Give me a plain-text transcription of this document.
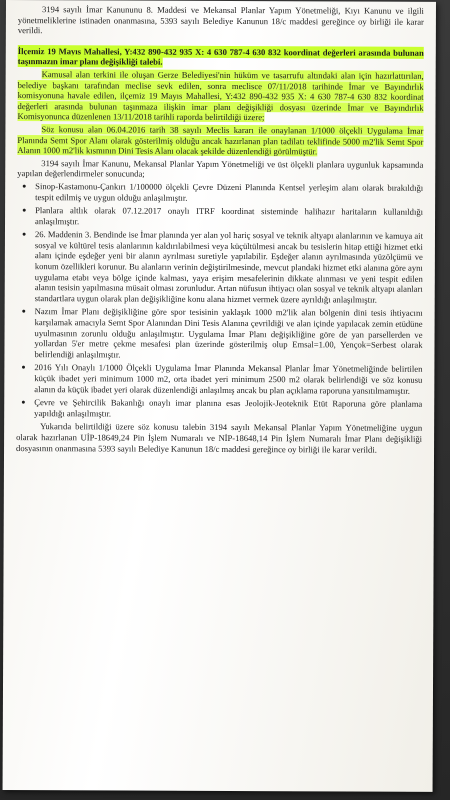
3194 sayılı İmar Kanununu 8. Maddesi ve Mekansal Planlar Yapım Yönetmeliği, Kıyı Kanunu ve ilgili yönetmeliklerine istinaden onanmasına, 5393 sayılı Belediye Kanunun 18/c maddesi gereğince oy birliği ile karar verildi.

İlçemiz 19 Mayıs Mahallesi, Y:432 890-432 935 X: 4 630 787-4 630 832 koordinat değerleri arasında bulunan taşınmazın imar planı değişikliği talebi.

Kamusal alan terkini ile oluşan Gerze Belediyesi'nin hüküm ve tasarrufu altındaki alan için hazırlattırılan, belediye başkanı tarafından meclise sevk edilen, sonra meclisce 07/11/2018 tarihinde İmar ve Bayındırlık komisyonuna havale edilen, ilçemiz 19 Mayıs Mahallesi, Y:432 890-432 935 X: 4 630 787-4 630 832 koordinat değerleri arasında bulunan taşınmaza ilişkin imar planı değişikliği dosyası üzerinde İmar ve Bayındırlık Komisyonunca düzenlenen 13/11/2018 tarihli raporda belirtildiği üzere;

Söz konusu alan 06.04.2016 tarih 38 sayılı Meclis kararı ile onaylanan 1/1000 ölçekli Uygulama İmar Planında Semt Spor Alanı olarak gösterilmiş olduğu ancak hazırlanan plan tadilatı teklifinde 5000 m2'lik Semt Spor Alanın 1000 m2'lik kısmının Dini Tesis Alanı olacak şekilde düzenlendiği görülmüştür.

3194 sayılı İmar Kanunu, Mekansal Planlar Yapım Yönetmeliği ve üst ölçekli planlara uygunluk kapsamında yapılan değerlendirmeler sonucunda;

● Sinop-Kastamonu-Çankırı 1/100000 ölçekli Çevre Düzeni Planında Kentsel yerleşim alanı olarak bırakıldığı tespit edilmiş ve uygun olduğu anlaşılmıştır.
● Planlara altlık olarak 07.12.2017 onaylı ITRF koordinat sisteminde halihazır haritaların kullanıldığı anlaşılmıştır.
● 26. Maddenin 3. Bendinde ise İmar planında yer alan yol hariç sosyal ve teknik altyapı alanlarının ve kamuya ait sosyal ve kültürel tesis alanlarının kaldırılabilmesi veya küçültülmesi ancak bu tesislerin hitap ettiği hizmet etki alanı içinde eşdeğer yeni bir alanın ayrılması suretiyle yapılabilir. Eşdeğer alanın ayrılmasında yüzölçümü ve konum özellikleri korunur. Bu alanların verinin değiştirilmesinde, mevcut plandaki hizmet etki alanına göre aynı uygulama etabı veya bölge içinde kalması, yaya erişim mesafelerinin dikkate alınması ve yeni tespit edilen alanın tesisin yapılmasına müsait olması zorunludur. Artan nüfusun ihtiyacı olan sosyal ve teknik altyapı alanları standartlara uygun olarak plan değişikliğine konu alana hizmet vermek üzere ayrıldığı anlaşılmıştır.
● Nazım İmar Planı değişikliğine göre spor tesisinin yaklaşık 1000 m2'lik alan bölgenin dini tesis ihtiyacını karşılamak amacıyla Semt Spor Alanından Dini Tesis Alanına çevrildiği ve alan içinde yapılacak zemin etüdüne uyulmasının zorunlu olduğu anlaşılmıştır. Uygulama İmar Planı değişikliğine göre de yan parsellerden ve yollardan 5'er metre çekme mesafesi plan üzerinde gösterilmiş olup Emsal=1.00, Yençok=Serbest olarak belirlendiği anlaşılmıştır.
● 2016 Yılı Onaylı 1/1000 Ölçekli Uygulama İmar Planında Mekansal Planlar İmar Yönetmeliğinde belirtilen küçük ibadet yeri minimum 1000 m2, orta ibadet yeri minimum 2500 m2 olarak belirlendiği ve söz konusu alanın da küçük ibadet yeri olarak düzenlendiği anlaşılmış ancak bu plan açıklama raporuna yansıtılmamıştır.
● Çevre ve Şehircilik Bakanlığı onaylı imar planına esas Jeolojik-Jeoteknik Etüt Raporuna göre planlama yapıldığı anlaşılmıştır.

Yukarıda belirtildiği üzere söz konusu talebin 3194 sayılı Mekansal Planlar Yapım Yönetmeliğine uygun olarak hazırlanan UİP-18649,24 Pin İşlem Numaralı ve NİP-18648,14 Pin İşlem Numaralı İmar Planı değişikliği dosyasının onanmasına 5393 sayılı Belediye Kanunun 18/c maddesi gereğince oy birliği ile karar verildi.
